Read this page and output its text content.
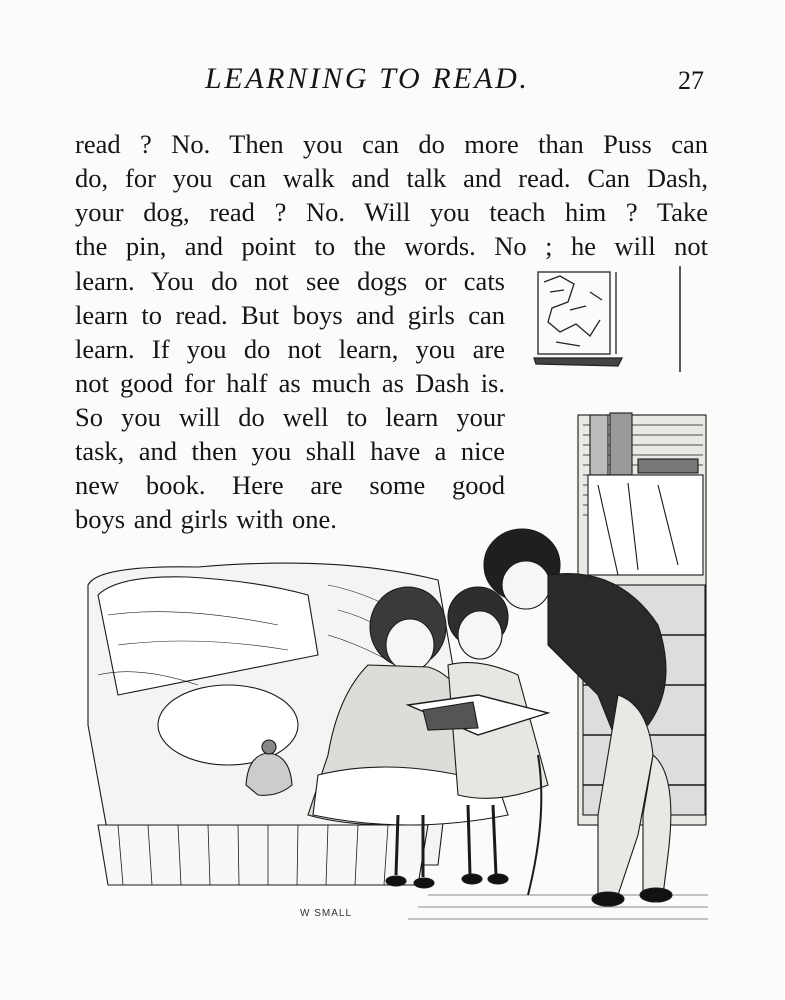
LEARNING TO READ.	27
read ? No. Then you can do more than Puss can
do, for you can walk and talk and read. Can Dash,
your dog, read ? No. Will you teach him ? Take
the pin, and point to the words. No ; he will not
learn. You do not see dogs or cats
learn to read. But boys and girls can
learn. If you do not learn, you are
not good for half as much as Dash is.
So you will do well to learn your
task, and then you shall have a nice
new book. Here are some good
boys and girls with one.
W SMALL
